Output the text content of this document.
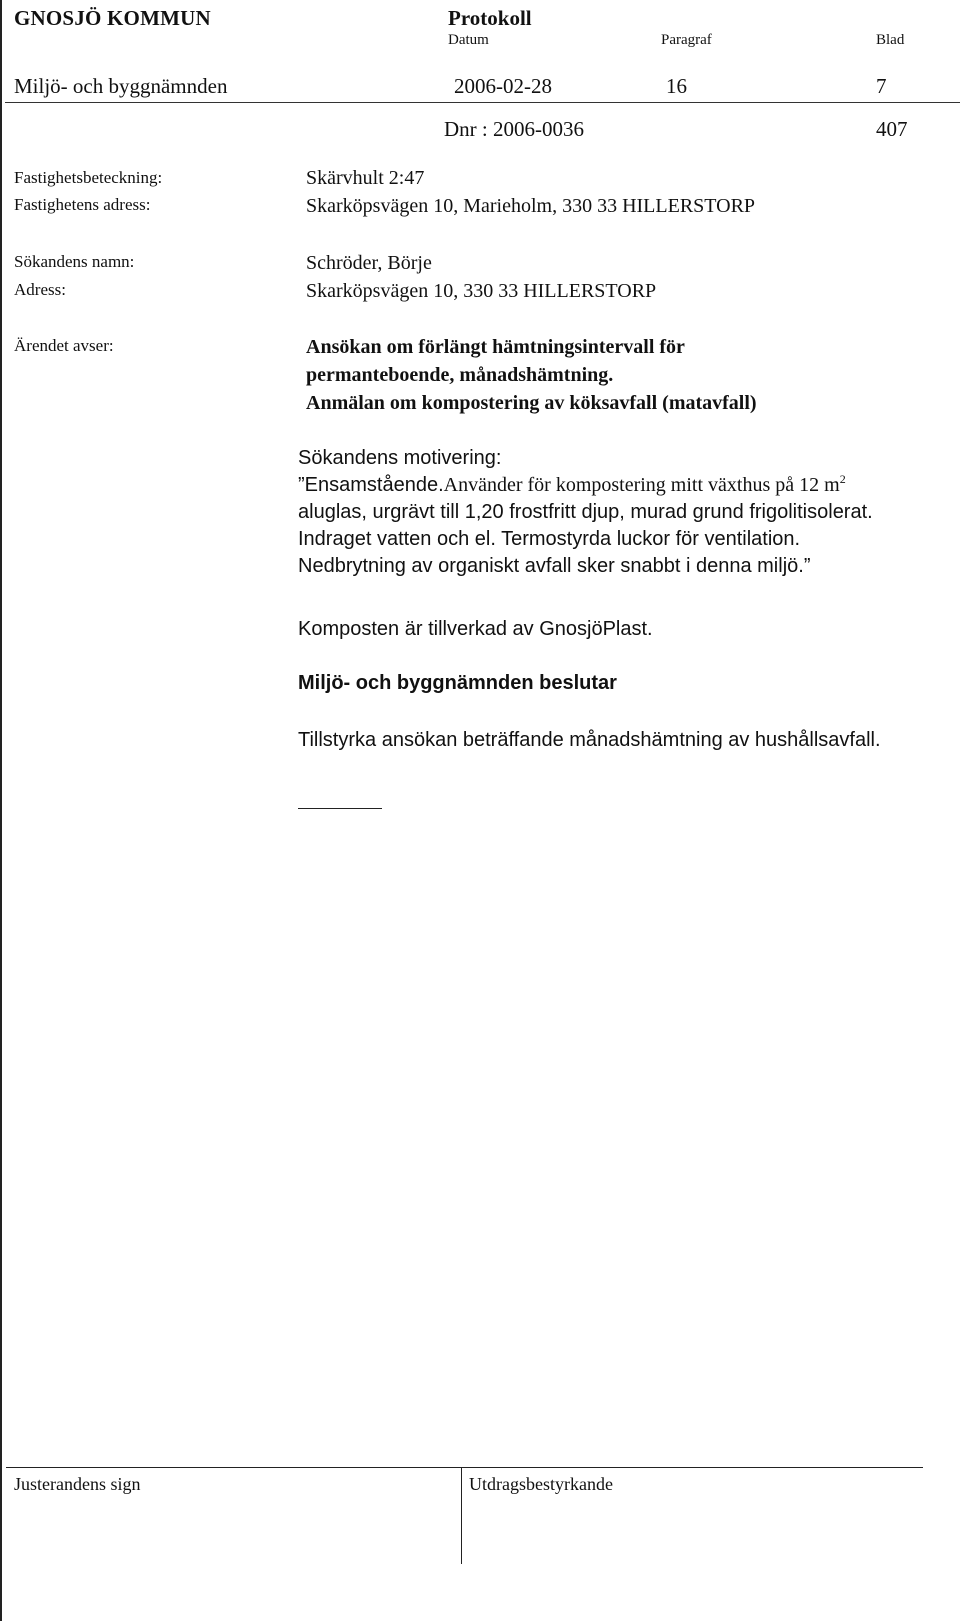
GNOSJÖ KOMMUN	Protokoll
Datum	Paragraf	Blad
Miljö- och byggnämnden	2006-02-28	16	7
Dnr : 2006-0036	407
Fastighetsbeteckning:	Skärvhult 2:47
Fastighetens adress:	Skarköpsvägen 10, Marieholm, 330 33 HILLERSTORP
Sökandens namn:	Schröder, Börje
Adress:	Skarköpsvägen 10, 330 33 HILLERSTORP
Ärendet avser:	Ansökan om förlängt hämtningsintervall för
permanteboende, månadshämtning.
Anmälan om kompostering av köksavfall (matavfall)
Sökandens motivering:
”Ensamstående.Använder för kompostering mitt växthus på 12 $m^2$
aluglas, urgrävt till 1,20 frostfritt djup, murad grund frigolitisolerat.
Indraget vatten och el. Termostyrda luckor för ventilation.
Nedbrytning av organiskt avfall sker snabbt i denna miljö.”
Komposten är tillverkad av GnosjöPlast.
Miljö- och byggnämnden beslutar
Tillstyrka ansökan beträffande månadshämtning av hushållsavfall.
Justerandens sign	Utdragsbestyrkande
